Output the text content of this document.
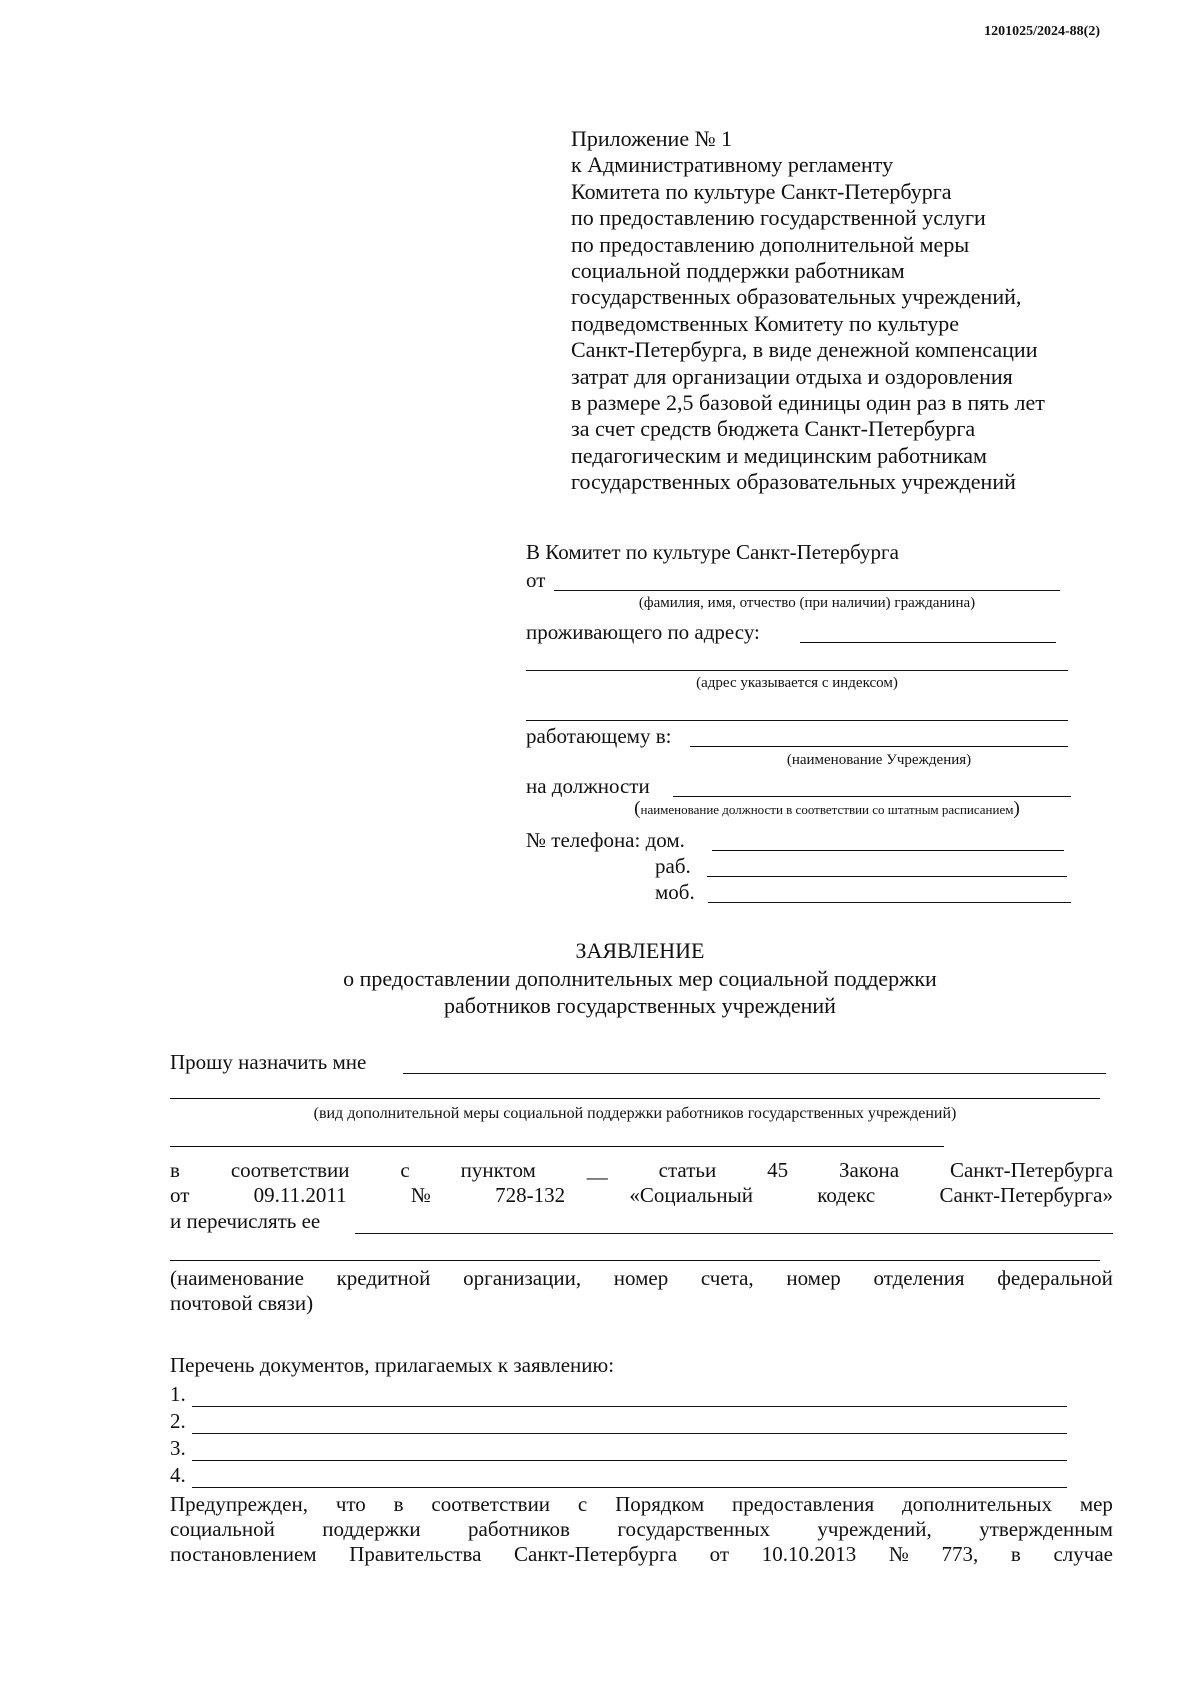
1201025/2024-88(2)
Приложение № 1
к Административному регламенту
Комитета по культуре Санкт-Петербурга
по предоставлению государственной услуги
по предоставлению дополнительной меры
социальной поддержки работникам
государственных образовательных учреждений,
подведомственных Комитету по культуре
Санкт-Петербурга, в виде денежной компенсации
затрат для организации отдыха и оздоровления
в размере 2,5 базовой единицы один раз в пять лет
за счет средств бюджета Санкт-Петербурга
педагогическим и медицинским работникам
государственных образовательных учреждений
В Комитет по культуре Санкт-Петербурга
от
(фамилия, имя, отчество (при наличии) гражданина)
проживающего по адресу:
(адрес указывается с индексом)
работающему в:
(наименование Учреждения)
на должности
(наименование должности в соответствии со штатным расписанием)
№ телефона: дом.
раб.
моб.
ЗАЯВЛЕНИЕ
о предоставлении дополнительных мер социальной поддержки
работников государственных учреждений
Прошу назначить мне
(вид дополнительной меры социальной поддержки работников государственных учреждений)
в соответствии с пунктом __ статьи 45 Закона Санкт-Петербурга
от	09.11.2011	№	728-132	«Социальный	кодекс	Санкт-Петербурга»
и перечислять ее
(наименование кредитной организации, номер счета, номер отделения федеральной
почтовой связи)
Перечень документов, прилагаемых к заявлению:
1.
2.
3.
4.
Предупрежден, что в соответствии с Порядком предоставления дополнительных мер
социальной поддержки работников государственных учреждений, утвержденным
постановлением Правительства Санкт-Петербурга от 10.10.2013 № 773, в случае
